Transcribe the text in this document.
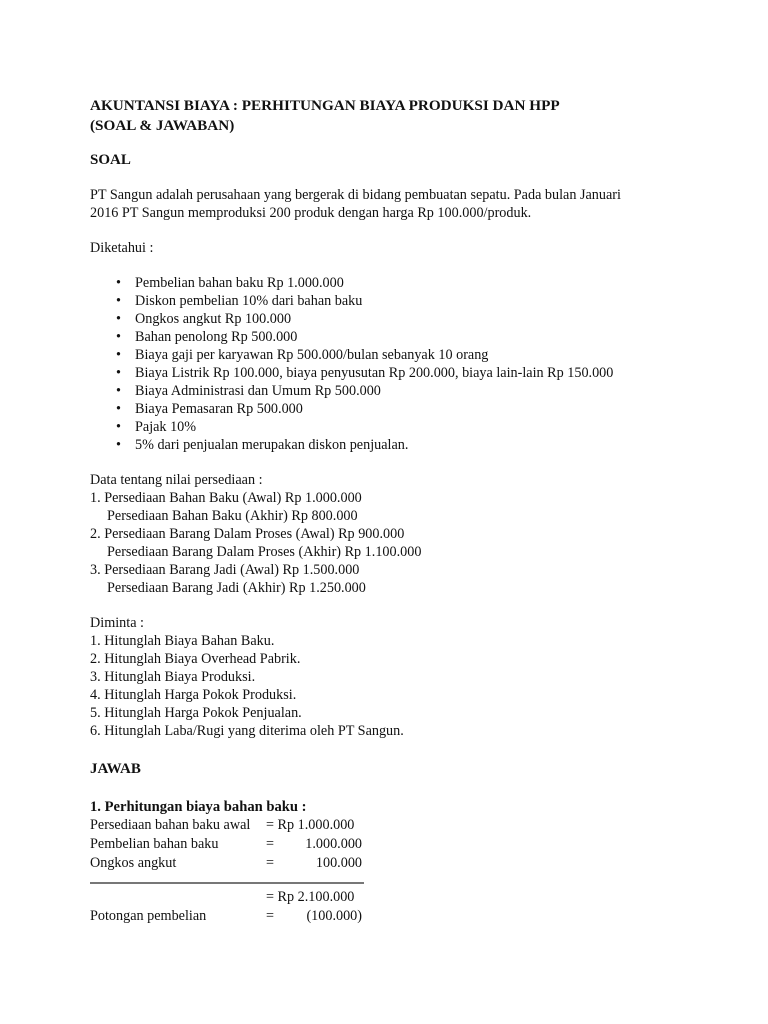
AKUNTANSI BIAYA : PERHITUNGAN BIAYA PRODUKSI DAN HPP

(SOAL & JAWABAN)

SOAL

PT Sangun adalah perusahaan yang bergerak di bidang pembuatan sepatu. Pada bulan Januari

2016 PT Sangun memproduksi 200 produk dengan harga Rp 100.000/produk.

Diketahui :

• Pembelian bahan baku Rp 1.000.000
• Diskon pembelian 10% dari bahan baku
• Ongkos angkut Rp 100.000
• Bahan penolong Rp 500.000
• Biaya gaji per karyawan Rp 500.000/bulan sebanyak 10 orang
• Biaya Listrik Rp 100.000, biaya penyusutan Rp 200.000, biaya lain-lain Rp 150.000
• Biaya Administrasi dan Umum Rp 500.000
• Biaya Pemasaran Rp 500.000
• Pajak 10%
• 5% dari penjualan merupakan diskon penjualan.

Data tentang nilai persediaan :

1. Persediaan Bahan Baku (Awal) Rp 1.000.000
Persediaan Bahan Baku (Akhir) Rp 800.000
2. Persediaan Barang Dalam Proses (Awal) Rp 900.000
Persediaan Barang Dalam Proses (Akhir) Rp 1.100.000
3. Persediaan Barang Jadi (Awal) Rp 1.500.000
Persediaan Barang Jadi (Akhir) Rp 1.250.000

Diminta :

1. Hitunglah Biaya Bahan Baku.
2. Hitunglah Biaya Overhead Pabrik.
3. Hitunglah Biaya Produksi.
4. Hitunglah Harga Pokok Produksi.
5. Hitunglah Harga Pokok Penjualan.
6. Hitunglah Laba/Rugi yang diterima oleh PT Sangun.

JAWAB

1. Perhitungan biaya bahan baku :

Persediaan bahan baku awal	= Rp 1.000.000
Pembelian bahan baku	=	1.000.000
Ongkos angkut	=	100.000
= Rp 2.100.000
Potongan pembelian	=	(100.000)
